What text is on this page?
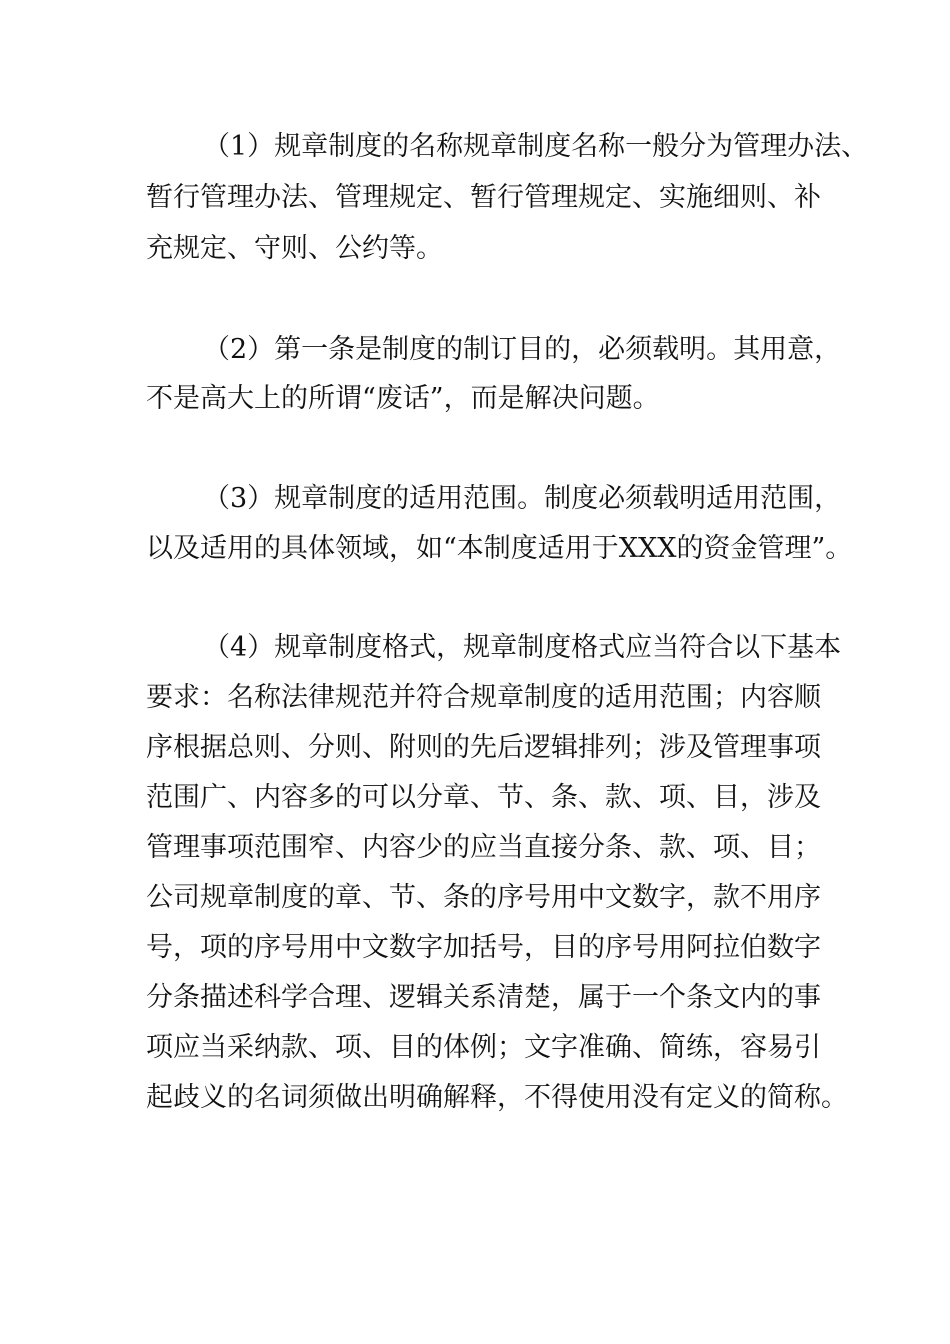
（1）规章制度的名称规章制度名称一般分为管理办法、

暂行管理办法、管理规定、暂行管理规定、实施细则、补

充规定、守则、公约等。

（2）第一条是制度的制订目的，必须载明。其用意，

不是高大上的所谓“废话”，而是解决问题。

（3）规章制度的适用范围。制度必须载明适用范围，

以及适用的具体领域，如“本制度适用于XXX的资金管理”。

（4）规章制度格式，规章制度格式应当符合以下基本

要求：名称法律规范并符合规章制度的适用范围；内容顺

序根据总则、分则、附则的先后逻辑排列；涉及管理事项

范围广、内容多的可以分章、节、条、款、项、目，涉及

管理事项范围窄、内容少的应当直接分条、款、项、目；

公司规章制度的章、节、条的序号用中文数字，款不用序

号，项的序号用中文数字加括号，目的序号用阿拉伯数字

分条描述科学合理、逻辑关系清楚，属于一个条文内的事

项应当采纳款、项、目的体例；文字准确、简练，容易引

起歧义的名词须做出明确解释，不得使用没有定义的简称。
